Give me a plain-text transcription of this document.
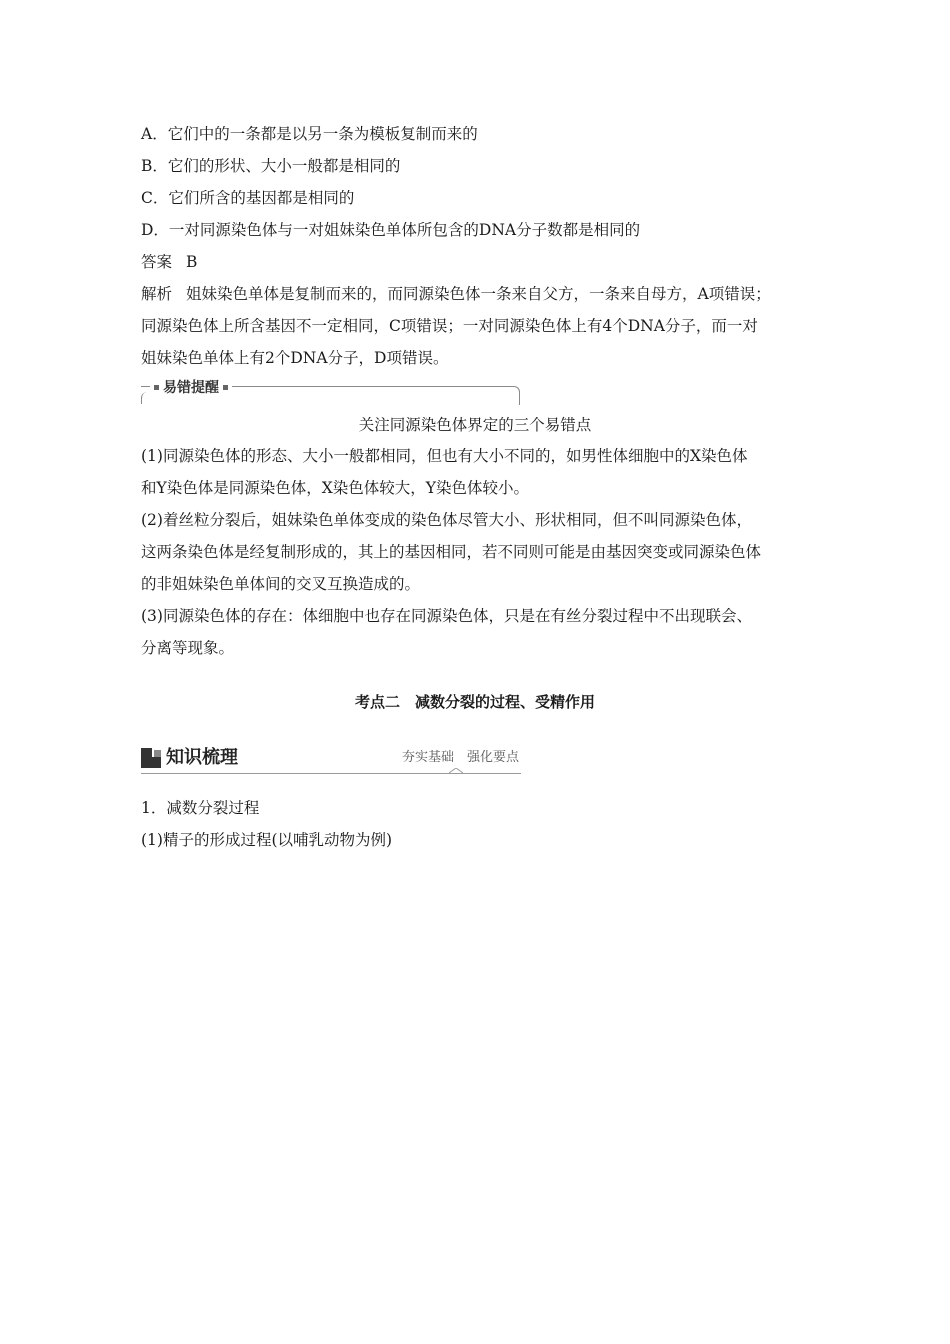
A．它们中的一条都是以另一条为模板复制而来的
B．它们的形状、大小一般都是相同的
C．它们所含的基因都是相同的
D．一对同源染色体与一对姐妹染色单体所包含的DNA分子数都是相同的
答案 B
解析 姐妹染色单体是复制而来的，而同源染色体一条来自父方，一条来自母方，A项错误；
同源染色体上所含基因不一定相同，C项错误；一对同源染色体上有4个DNA分子，而一对
姐妹染色单体上有2个DNA分子，D项错误。
易错提醒
关注同源染色体界定的三个易错点
(1)同源染色体的形态、大小一般都相同，但也有大小不同的，如男性体细胞中的X染色体
和Y染色体是同源染色体，X染色体较大，Y染色体较小。
(2)着丝粒分裂后，姐妹染色单体变成的染色体尽管大小、形状相同，但不叫同源染色体，
这两条染色体是经复制形成的，其上的基因相同，若不同则可能是由基因突变或同源染色体
的非姐妹染色单体间的交叉互换造成的。
(3)同源染色体的存在：体细胞中也存在同源染色体，只是在有丝分裂过程中不出现联会、
分离等现象。
考点二　减数分裂的过程、受精作用
知识梳理	夯实基础　强化要点
1．减数分裂过程
(1)精子的形成过程(以哺乳动物为例)
